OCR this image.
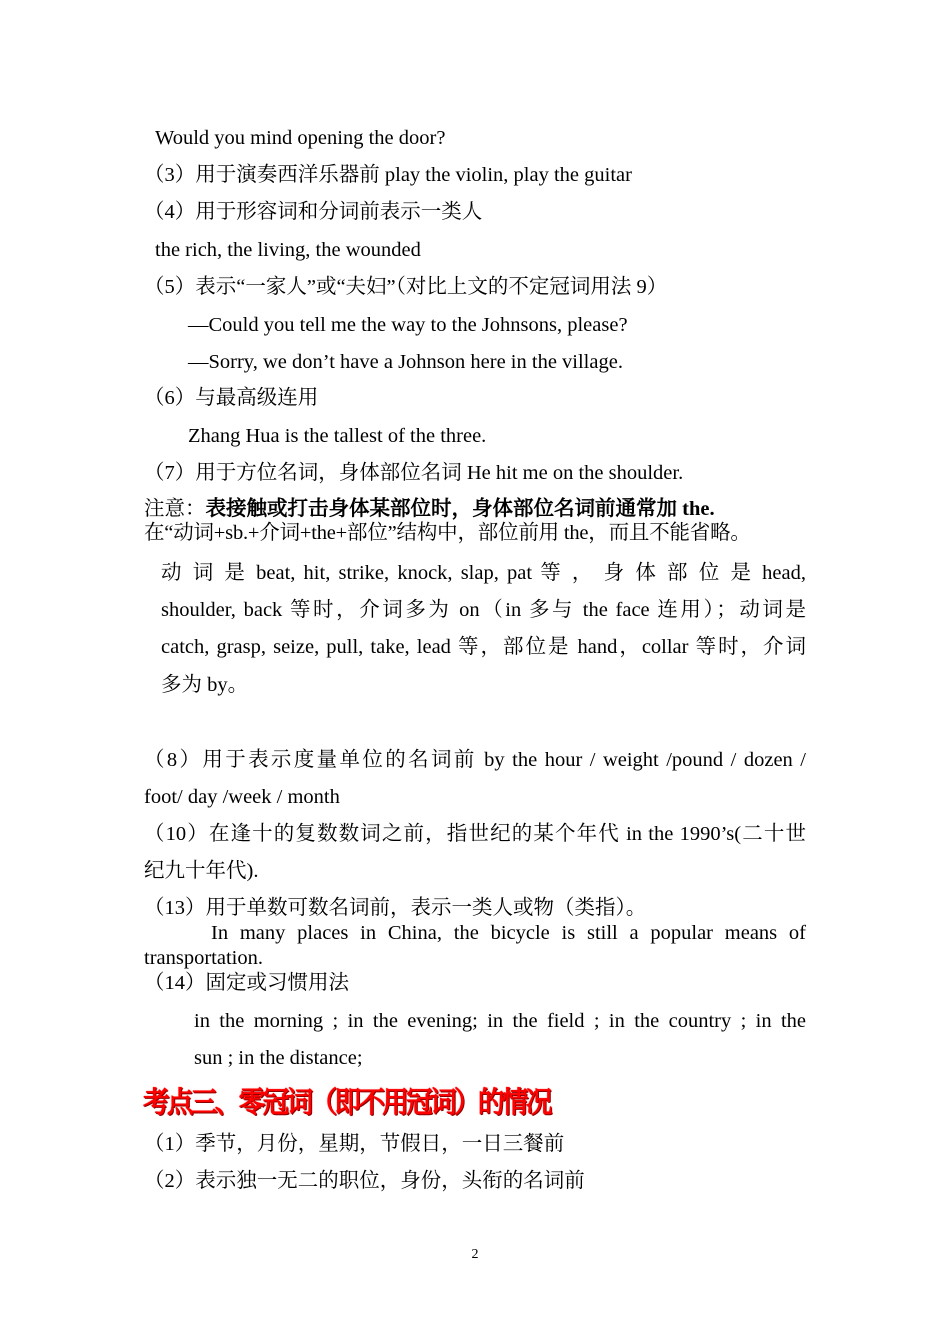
Would you mind opening the door?
（3）用于演奏西洋乐器前 play the violin, play the guitar
（4）用于形容词和分词前表示一类人
the rich, the living, the wounded
（5）表示“一家人”或“夫妇”（对比上文的不定冠词用法 9）
—Could you tell me the way to the Johnsons, please?
—Sorry, we don’t have a Johnson here in the village.
（6）与最高级连用
Zhang Hua is the tallest of the three.
（7）用于方位名词，身体部位名词 He hit me on the shoulder.
注意：表接触或打击身体某部位时，身体部位名词前通常加 the.
在“动词+sb.+介词+the+部位”结构中，部位前用 the，而且不能省略。
动 词 是 beat, hit, strike, knock, slap, pat 等 ， 身 体 部 位 是 head,
shoulder, back 等时，介词多为 on（in 多与 the face 连用）；动词是
catch, grasp, seize, pull, take, lead 等，部位是 hand，collar 等时，介词
多为 by。
（8）用于表示度量单位的名词前 by the hour / weight /pound / dozen /
foot/ day /week / month
（10）在逢十的复数数词之前，指世纪的某个年代 in the 1990’s(二十世
纪九十年代).
（13）用于单数可数名词前，表示一类人或物（类指）。
In many places in China, the bicycle is still a popular means of
transportation.
（14）固定或习惯用法
in the morning ; in the evening; in the field ; in the country ; in the
sun ; in the distance;
考点三、零冠词（即不用冠词）的情况
（1）季节，月份，星期，节假日，一日三餐前
（2）表示独一无二的职位，身份，头衔的名词前
2
